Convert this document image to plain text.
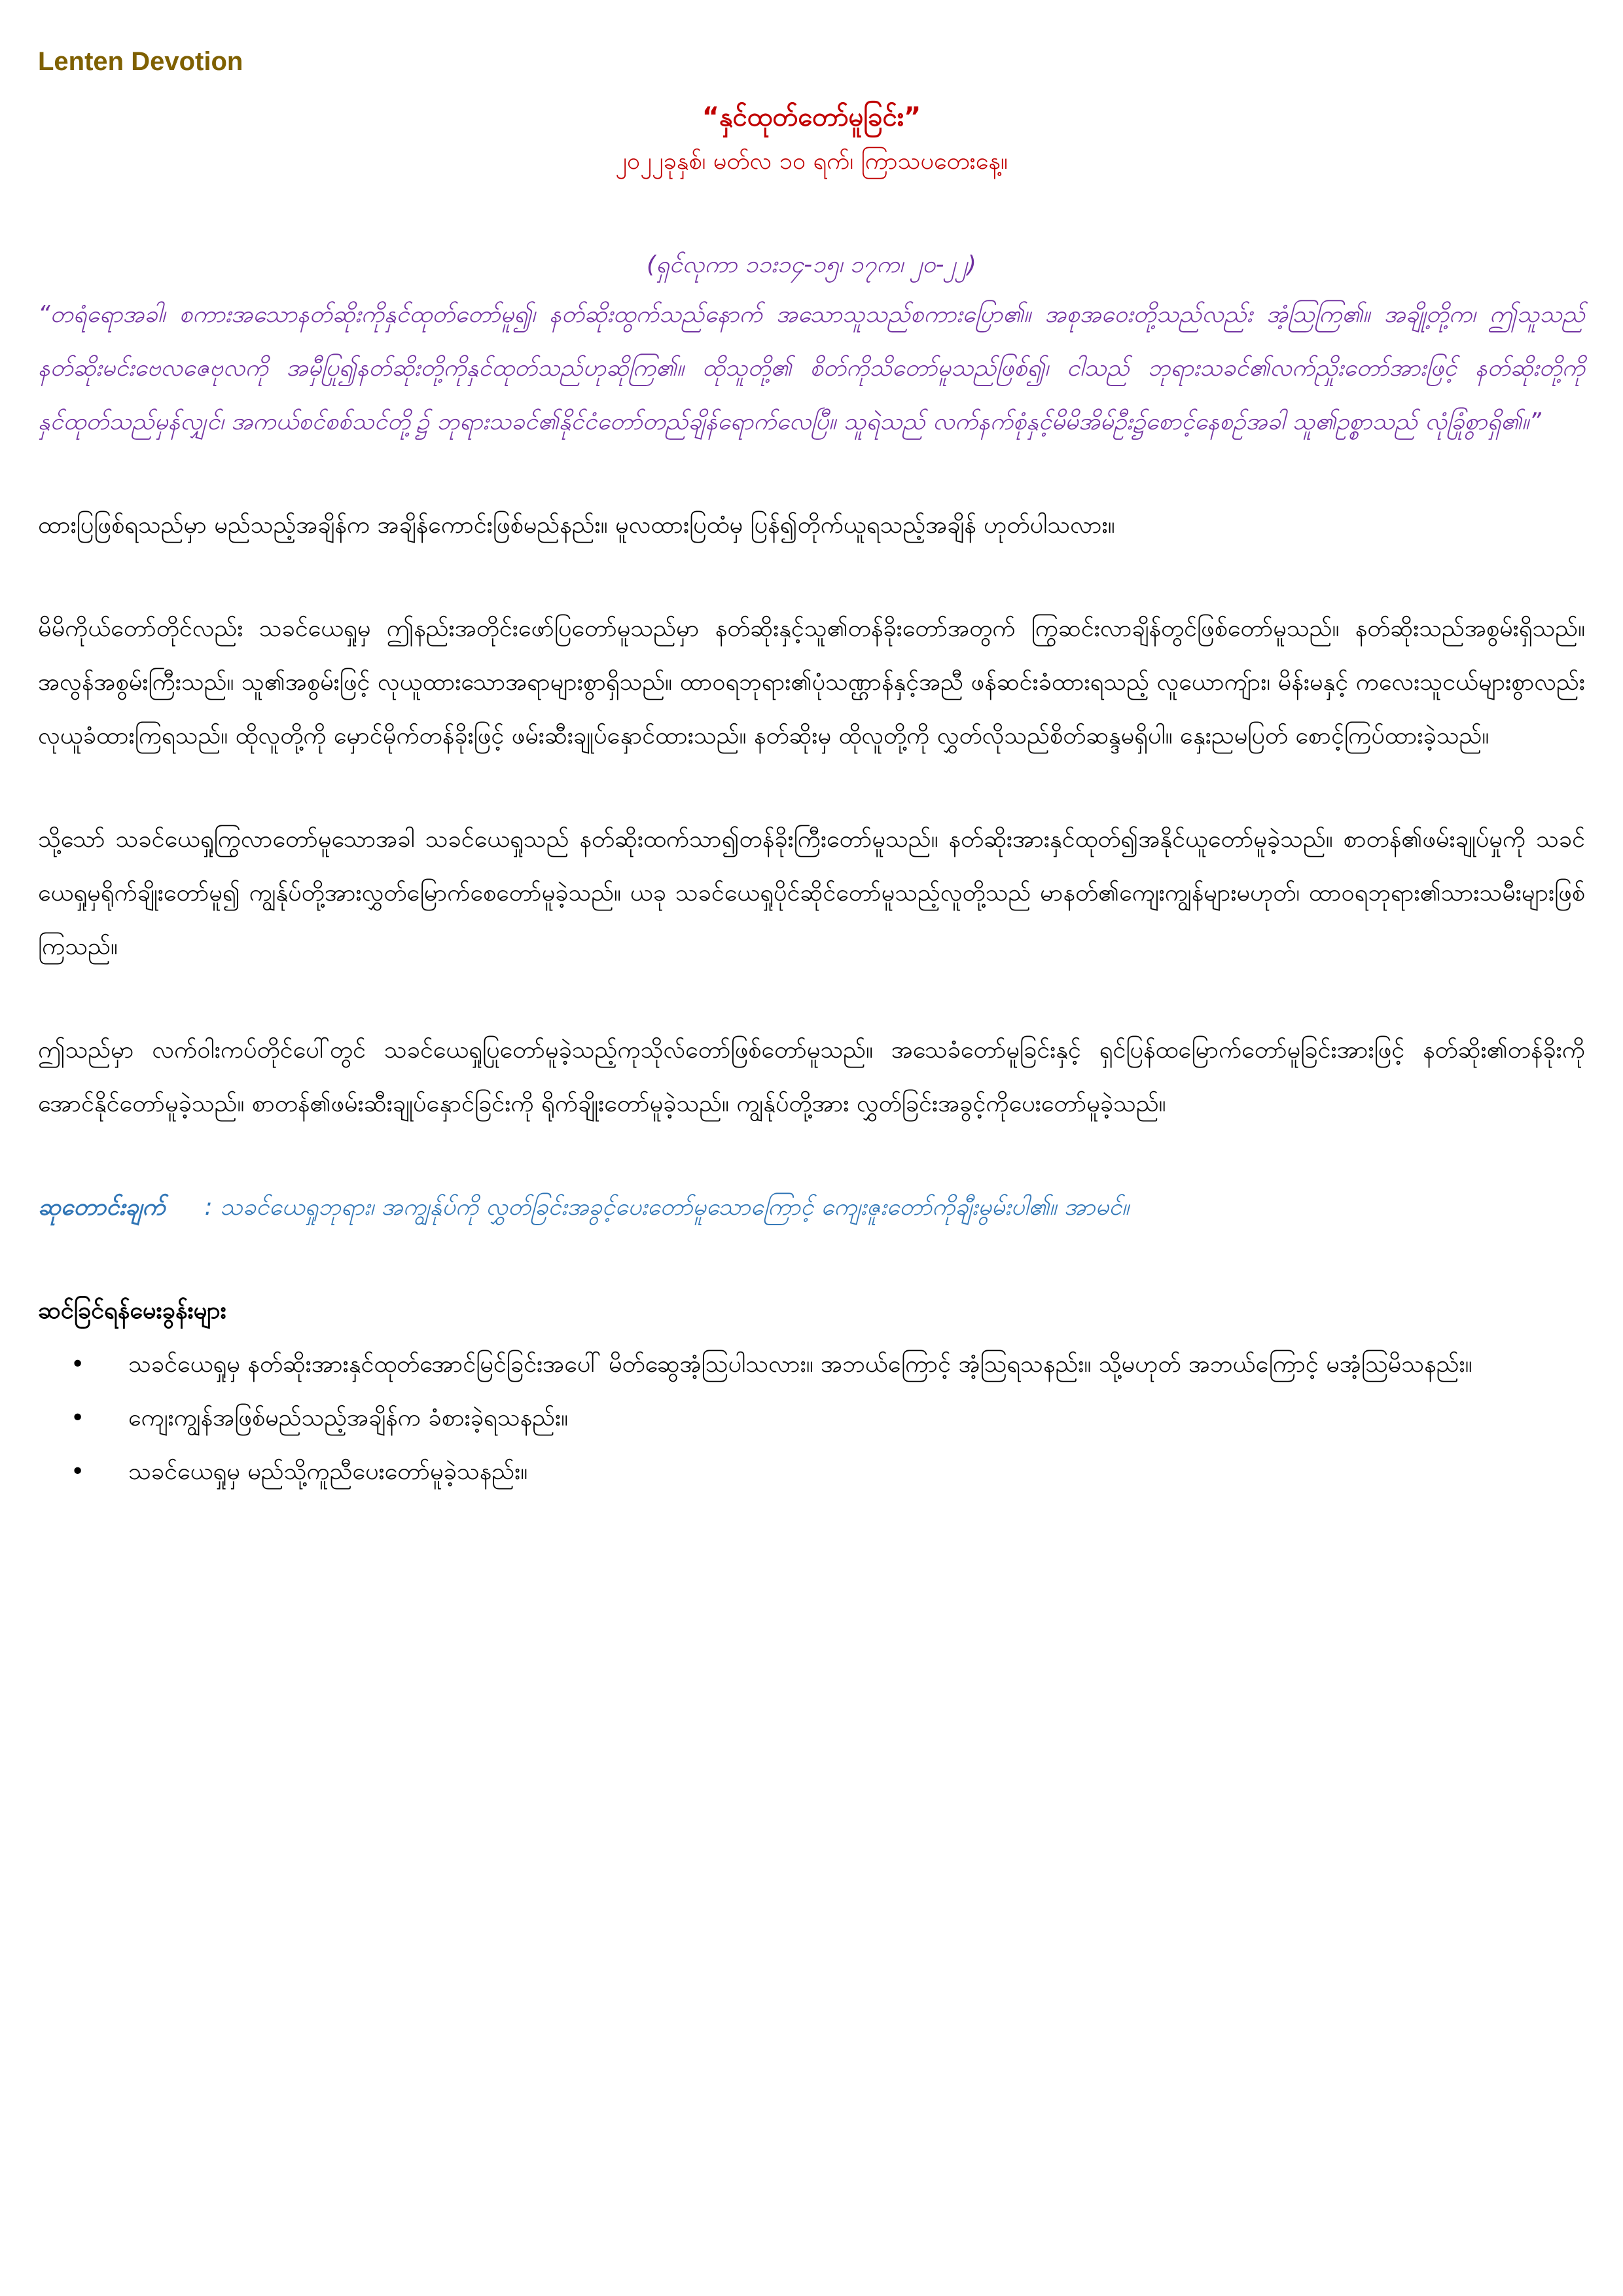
Lenten Devotion
“နှင်ထုတ်တော်မူခြင်း”

၂၀၂၂ခုနှစ်၊ မတ်လ ၁၀ ရက်၊ ကြာသပတေးနေ့။

(ရှင်လုကာ ၁၁း၁၄-၁၅၊ ၁၇က၊ ၂၀-၂၂)

“တရံရောအခါ၊ စကားအသောနတ်ဆိုးကိုနှင်ထုတ်တော်မူ၍၊ နတ်ဆိုးထွက်သည်နောက် အသောသူသည်စကားပြော၏။ အစုအဝေးတို့သည်လည်း အံ့ဩကြ၏။ အချို့တို့က၊ ဤသူသည် နတ်ဆိုးမင်းဗေလဇေဗုလကို အမှီပြု၍နတ်ဆိုးတို့ကိုနှင်ထုတ်သည်ဟုဆိုကြ၏။ ထိုသူတို့၏ စိတ်ကိုသိတော်မူသည်ဖြစ်၍၊ ငါသည် ဘုရားသခင်၏လက်ညှိုးတော်အားဖြင့် နတ်ဆိုးတို့ကို နှင်ထုတ်သည်မှန်လျှင်၊ အကယ်စင်စစ်သင်တို့၌ ဘုရားသခင်၏နိုင်ငံတော်တည်ချိန်ရောက်လေပြီ။ သူရဲသည် လက်နက်စုံနှင့်မိမိအိမ်ဦး၌စောင့်နေစဉ်အခါ သူ၏ဥစ္စာသည် လုံခြုံစွာရှိ၏။”

ထားပြဖြစ်ရသည်မှာ မည်သည့်အချိန်က အချိန်ကောင်းဖြစ်မည်နည်း။ မူလထားပြထံမှ ပြန်၍တိုက်ယူရသည့်အချိန် ဟုတ်ပါသလား။

မိမိကိုယ်တော်တိုင်လည်း သခင်ယေရှုမှ ဤနည်းအတိုင်းဖော်ပြတော်မူသည်မှာ နတ်ဆိုးနှင့်သူ၏တန်ခိုးတော်အတွက် ကြွဆင်းလာချိန်တွင်ဖြစ်တော်မူသည်။ နတ်ဆိုးသည်အစွမ်းရှိသည်။ အလွန်အစွမ်းကြီးသည်။ သူ၏အစွမ်းဖြင့် လုယူထားသောအရာများစွာရှိသည်။ ထာဝရဘုရား၏ပုံသဏ္ဌာန်နှင့်အညီ ဖန်ဆင်းခံထားရသည့် လူယောကျ်ား၊ မိန်းမနှင့် ကလေးသူငယ်များစွာလည်း လုယူခံထားကြရသည်။ ထိုလူတို့ကို မှောင်မိုက်တန်ခိုးဖြင့် ဖမ်းဆီးချုပ်နှောင်ထားသည်။ နတ်ဆိုးမှ ထိုလူတို့ကို လွှတ်လိုသည်စိတ်ဆန္ဒမရှိပါ။ နှေးညမပြတ် စောင့်ကြပ်ထားခဲ့သည်။

သို့သော် သခင်ယေရှုကြွလာတော်မူသောအခါ သခင်ယေရှုသည် နတ်ဆိုးထက်သာ၍တန်ခိုးကြီးတော်မူသည်။ နတ်ဆိုးအားနှင်ထုတ်၍အနိုင်ယူတော်မူခဲ့သည်။ စာတန်၏ဖမ်းချုပ်မှုကို သခင်ယေရှုမှရိုက်ချိုးတော်မူ၍ ကျွန်ုပ်တို့အားလွှတ်မြောက်စေတော်မူခဲ့သည်။ ယခု သခင်ယေရှုပိုင်ဆိုင်တော်မူသည့်လူတို့သည် မာနတ်၏ကျေးကျွန်များမဟုတ်၊ ထာဝရဘုရား၏သားသမီးများဖြစ်ကြသည်။

ဤသည်မှာ လက်ဝါးကပ်တိုင်ပေါ်တွင် သခင်ယေရှုပြုတော်မူခဲ့သည့်ကုသိုလ်တော်ဖြစ်တော်မူသည်။ အသေခံတော်မူခြင်းနှင့် ရှင်ပြန်ထမြောက်တော်မူခြင်းအားဖြင့် နတ်ဆိုး၏တန်ခိုးကို အောင်နိုင်တော်မူခဲ့သည်။ စာတန်၏ဖမ်းဆီးချုပ်နှောင်ခြင်းကို ရိုက်ချိုးတော်မူခဲ့သည်။ ကျွန်ုပ်တို့အား လွှတ်ခြင်းအခွင့်ကိုပေးတော်မူခဲ့သည်။

ဆုတောင်းချက် : သခင်ယေရှုဘုရား၊ အကျွန်ုပ်ကို လွှတ်ခြင်းအခွင့်ပေးတော်မူသောကြောင့် ကျေးဇူးတော်ကိုချီးမွမ်းပါ၏။ အာမင်။

ဆင်ခြင်ရန်မေးခွန်းများ
• သခင်ယေရှုမှ နတ်ဆိုးအားနှင်ထုတ်အောင်မြင်ခြင်းအပေါ် မိတ်ဆွေအံ့ဩပါသလား။ အဘယ်ကြောင့် အံ့ဩရသနည်း။ သို့မဟုတ် အဘယ်ကြောင့် မအံ့ဩမိသနည်း။
• ကျေးကျွန်အဖြစ်မည်သည့်အချိန်က ခံစားခဲ့ရသနည်း။
• သခင်ယေရှုမှ မည်သို့ကူညီပေးတော်မူခဲ့သနည်း။
